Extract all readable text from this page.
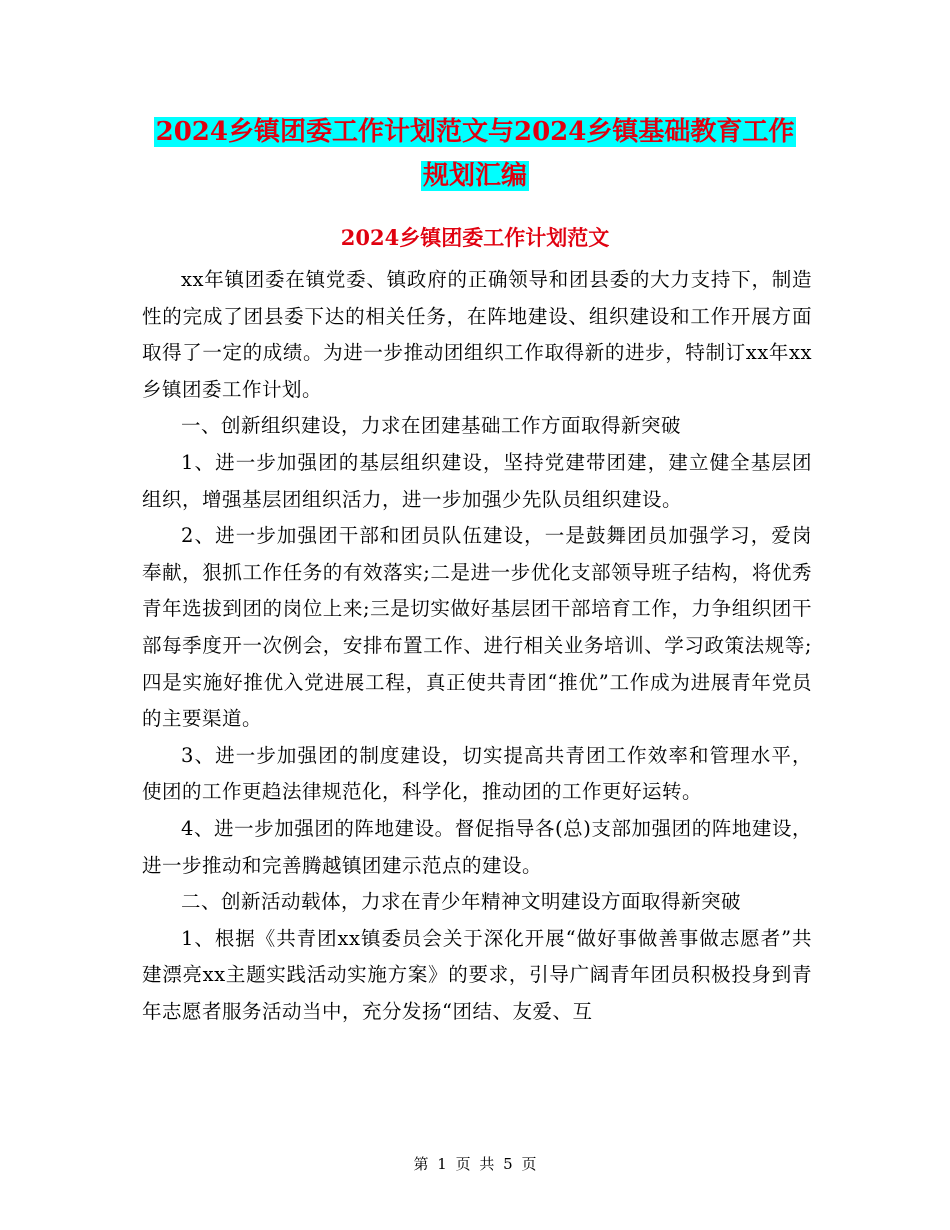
2024乡镇团委工作计划范文与2024乡镇基础教育工作
规划汇编
2024乡镇团委工作计划范文

xx年镇团委在镇党委、镇政府的正确领导和团县委的大力支持下，制造性的完成了团县委下达的相关任务，在阵地建设、组织建设和工作开展方面取得了一定的成绩。为进一步推动团组织工作取得新的进步，特制订xx年xx乡镇团委工作计划。

一、创新组织建设，力求在团建基础工作方面取得新突破

1、进一步加强团的基层组织建设，坚持党建带团建，建立健全基层团组织，增强基层团组织活力，进一步加强少先队员组织建设。

2、进一步加强团干部和团员队伍建设，一是鼓舞团员加强学习，爱岗奉献，狠抓工作任务的有效落实;二是进一步优化支部领导班子结构，将优秀青年选拔到团的岗位上来;三是切实做好基层团干部培育工作，力争组织团干部每季度开一次例会，安排布置工作、进行相关业务培训、学习政策法规等;四是实施好推优入党进展工程，真正使共青团“推优”工作成为进展青年党员的主要渠道。

3、进一步加强团的制度建设，切实提高共青团工作效率和管理水平，使团的工作更趋法律规范化，科学化，推动团的工作更好运转。

4、进一步加强团的阵地建设。督促指导各(总)支部加强团的阵地建设，进一步推动和完善腾越镇团建示范点的建设。

二、创新活动载体，力求在青少年精神文明建设方面取得新突破

1、根据《共青团xx镇委员会关于深化开展“做好事做善事做志愿者”共建漂亮xx主题实践活动实施方案》的要求，引导广阔青年团员积极投身到青年志愿者服务活动当中，充分发扬“团结、友爱、互

第 1 页 共 5 页
